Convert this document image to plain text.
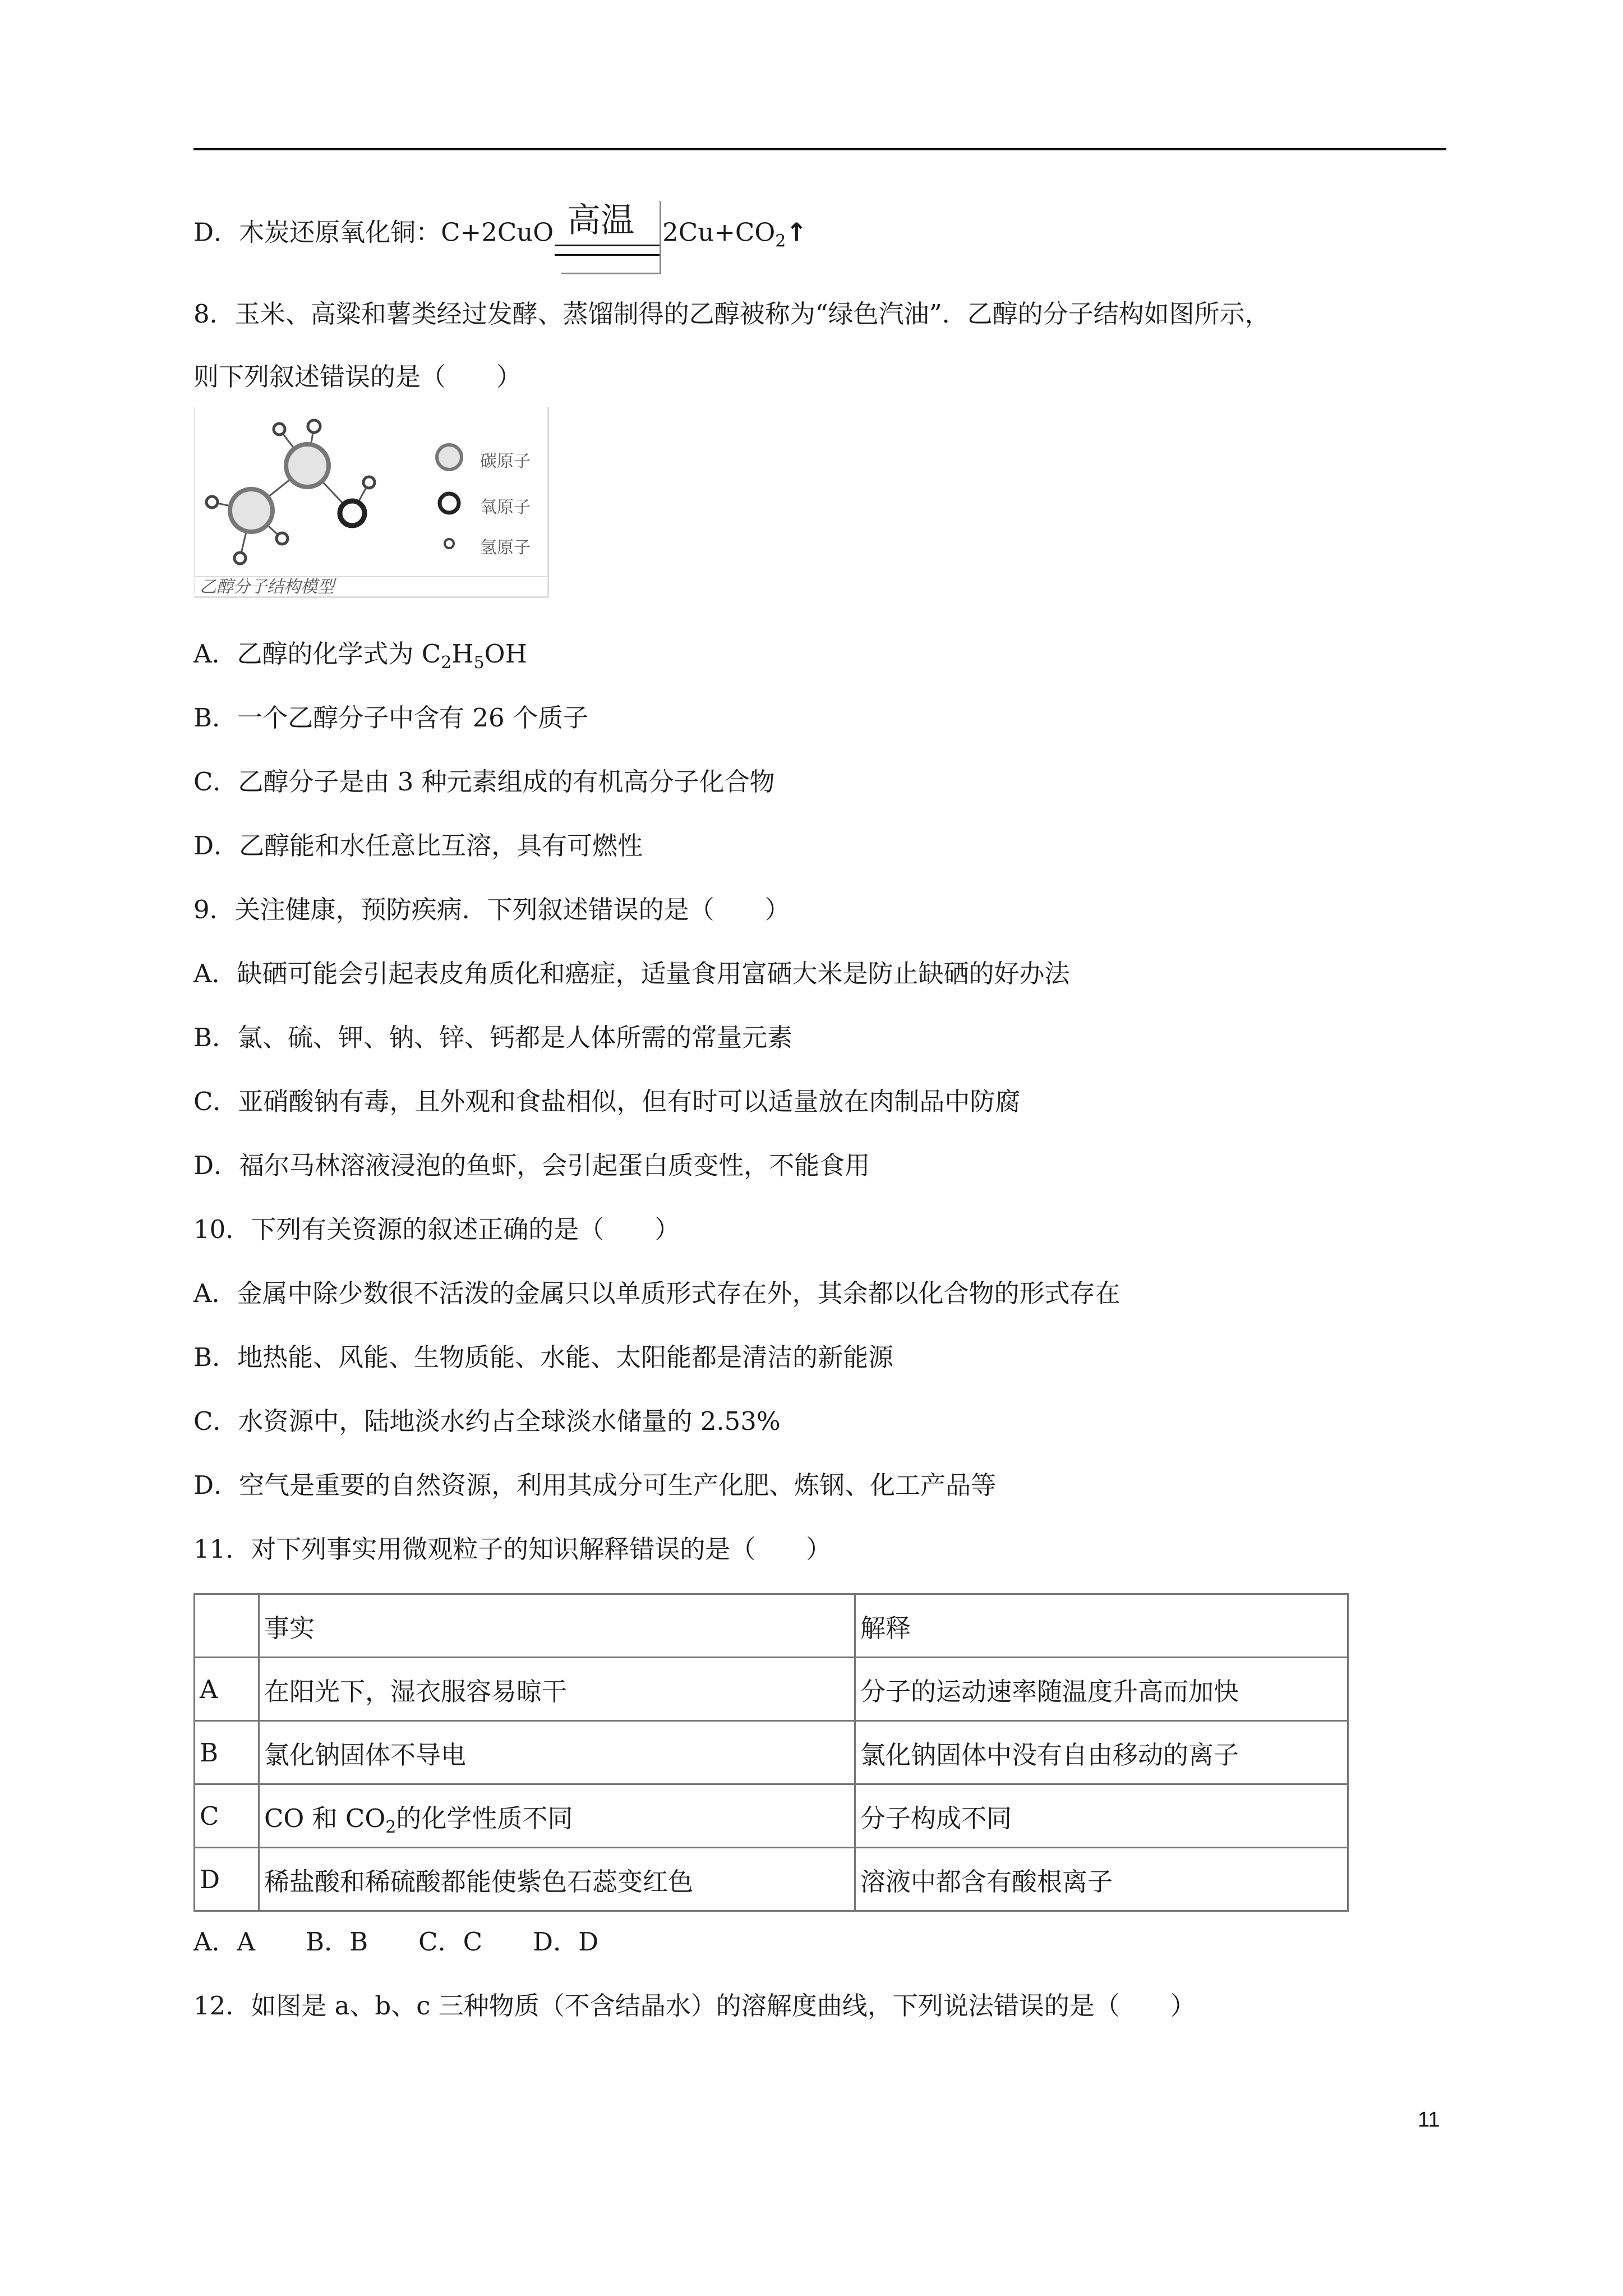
D．木炭还原氧化铜：C+2CuO 高温 $2Cu+CO_2↑$
8．玉米、高粱和薯类经过发酵、蒸馏制得的乙醇被称为“绿色汽油”．乙醇的分子结构如图所示，
则下列叙述错误的是（　　）
碳原子
氧原子
氢原子
乙醇分子结构模型
A．乙醇的化学式为 $C_2H_5OH$
B．一个乙醇分子中含有 26 个质子
C．乙醇分子是由 3 种元素组成的有机高分子化合物
D．乙醇能和水任意比互溶，具有可燃性
9．关注健康，预防疾病．下列叙述错误的是（　　）
A．缺硒可能会引起表皮角质化和癌症，适量食用富硒大米是防止缺硒的好办法
B．氯、硫、钾、钠、锌、钙都是人体所需的常量元素
C．亚硝酸钠有毒，且外观和食盐相似，但有时可以适量放在肉制品中防腐
D．福尔马林溶液浸泡的鱼虾，会引起蛋白质变性，不能食用
10．下列有关资源的叙述正确的是（　　）
A．金属中除少数很不活泼的金属只以单质形式存在外，其余都以化合物的形式存在
B．地热能、风能、生物质能、水能、太阳能都是清洁的新能源
C．水资源中，陆地淡水约占全球淡水储量的 2.53%
D．空气是重要的自然资源，利用其成分可生产化肥、炼钢、化工产品等
11．对下列事实用微观粒子的知识解释错误的是（　　）
	事实	解释
A	在阳光下，湿衣服容易晾干	分子的运动速率随温度升高而加快
B	氯化钠固体不导电	氯化钠固体中没有自由移动的离子
C	CO 和 $CO_2$的化学性质不同	分子构成不同
D	稀盐酸和稀硫酸都能使紫色石蕊变红色	溶液中都含有酸根离子
A．A　　B．B　　C．C　　D．D
12．如图是 a、b、c 三种物质（不含结晶水）的溶解度曲线，下列说法错误的是（　　）
11
